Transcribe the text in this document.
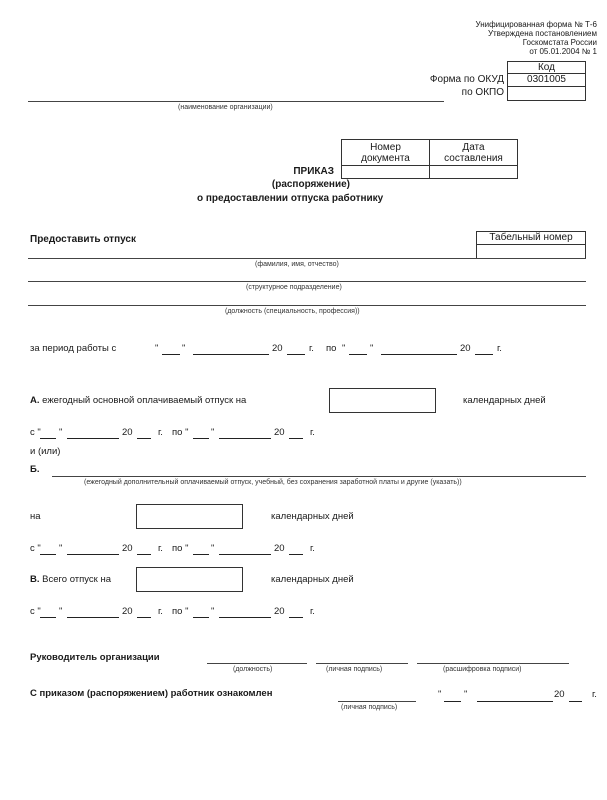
Унифицированная форма № Т-6
Утверждена постановлением
Госкомстата России
от 05.01.2004 № 1
Код
0301005
Форма по ОКУД
по ОКПО
(наименование организации)
Номер
документа
Дата
составления
ПРИКАЗ
(распоряжение)
о предоставлении отпуска работнику
Предоставить отпуск	Табельный номер
(фамилия, имя, отчество)
(структурное подразделение)
(должность (специальность, профессия))
за период работы с	" "	20	г. по "	"	20	г.
А. ежегодный основной оплачиваемый отпуск на	календарных дней
с " "	20	г. по " "	20	г.
и (или)
Б.
(ежегодный дополнительный оплачиваемый отпуск, учебный, без сохранения заработной платы и другие (указать))
на	календарных дней
с " "	20	г. по " "	20	г.
В. Всего отпуск на	календарных дней
с " "	20	г. по " "	20	г.
Руководитель организации
(должность)	(личная подпись)	(расшифровка подписи)
С приказом (распоряжением) работник ознакомлен
(личная подпись)
" "	20	г.
